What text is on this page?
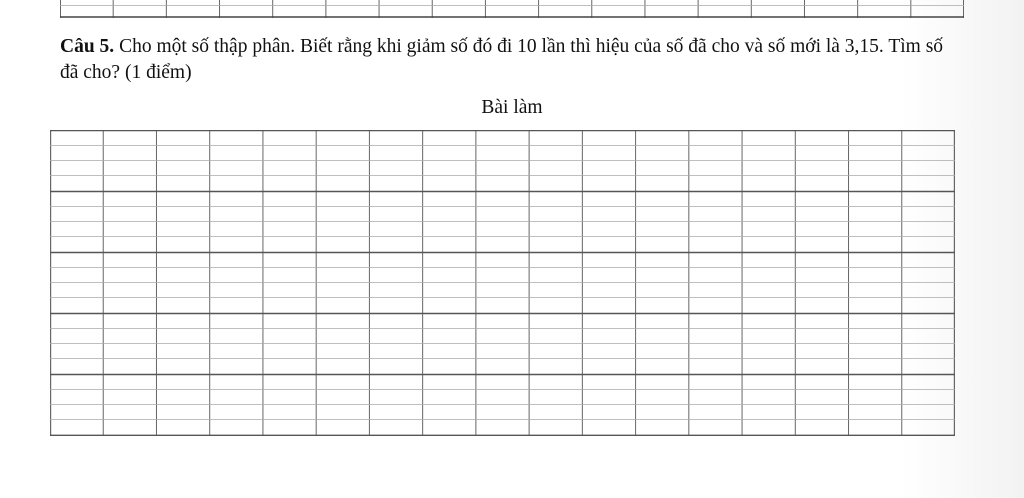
Câu 5. Cho một số thập phân. Biết rằng khi giảm số đó đi 10 lần thì hiệu của số đã cho và số mới là 3,15. Tìm số đã cho? (1 điểm)
Bài làm
